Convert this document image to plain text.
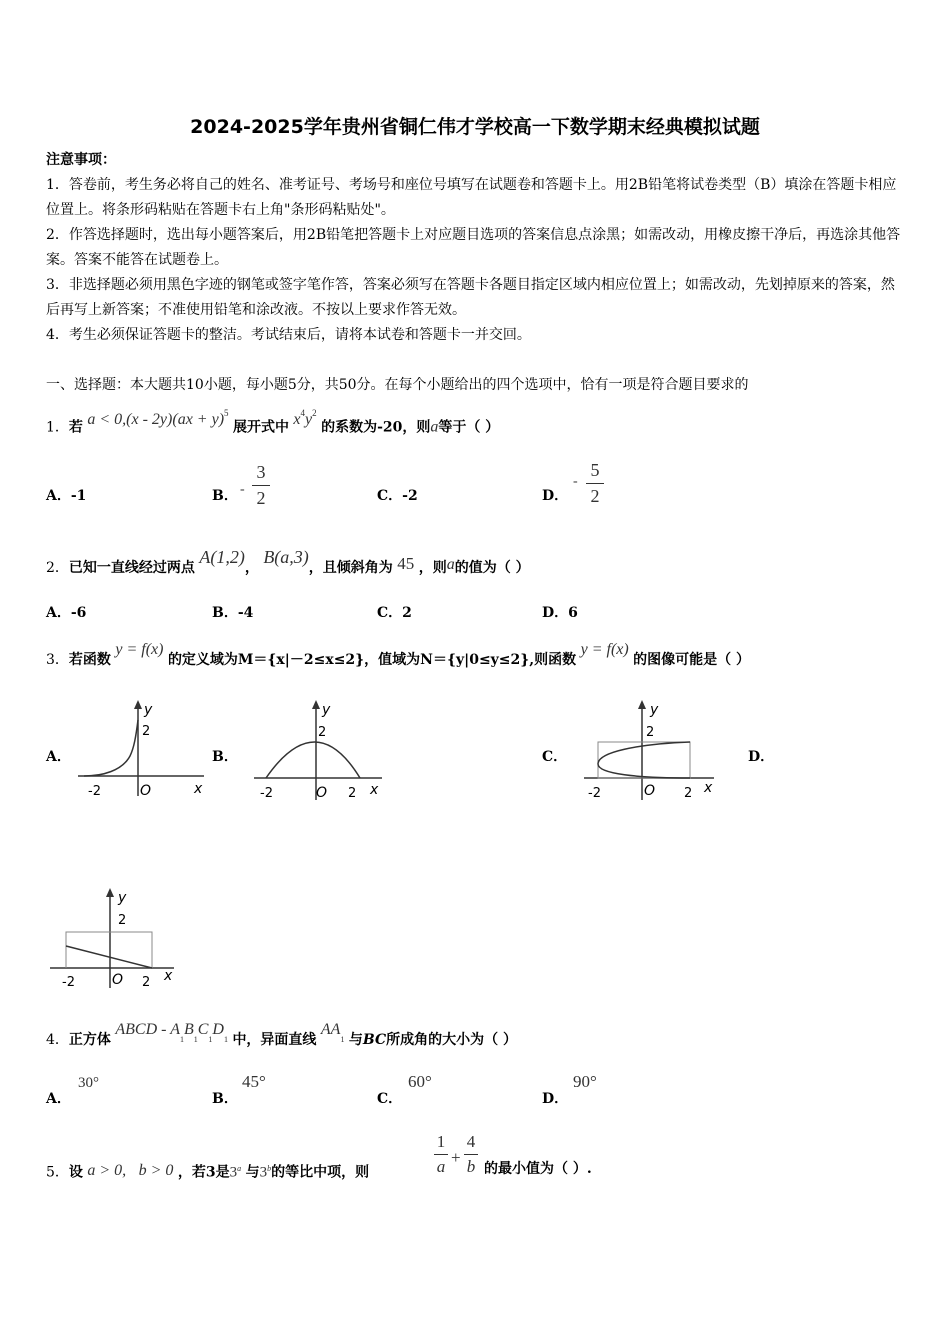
2024-2025学年贵州省铜仁伟才学校高一下数学期末经典模拟试题
注意事项：
1．答卷前，考生务必将自己的姓名、准考证号、考场号和座位号填写在试题卷和答题卡上。用2B铅笔将试卷类型（B）填涂在答题卡相应位置上。将条形码粘贴在答题卡右上角"条形码粘贴处"。
2．作答选择题时，选出每小题答案后，用2B铅笔把答题卡上对应题目选项的答案信息点涂黑；如需改动，用橡皮擦干净后，再选涂其他答案。答案不能答在试题卷上。
3．非选择题必须用黑色字迹的钢笔或签字笔作答，答案必须写在答题卡各题目指定区域内相应位置上；如需改动，先划掉原来的答案，然后再写上新答案；不准使用铅笔和涂改液。不按以上要求作答无效。
4．考生必须保证答题卡的整洁。考试结束后，请将本试卷和答题卡一并交回。
一、选择题：本大题共10小题，每小题5分，共50分。在每个小题给出的四个选项中，恰有一项是符合题目要求的
1．若 a < 0,(x - 2y)(ax + y)$^5$ 展开式中 $x^4y^2$ 的系数为-20，则a等于（ ）
A．-1	B． -
3
2	C．-2	D．
-
5
2
2．已知一直线经过两点 A(1,2)， B(a,3)，且倾斜角为 45 ，则a的值为（ ）
A．-6	B．-4	C．2	D．6
3．若函数 y = f(x) 的定义域为M＝{x|－2≤x≤2}，值域为N＝{y|0≤y≤2},则函数 y = f(x) 的图像可能是（ ）
A．
y
2
-2	O	x
B．
y
2
-2	O 2 x
C．
y
2
-2	O 2 x
D．
y
2
-2	O 2 x
4．正方体 ABCD - $A_1B_1C_1D_1$ 中，异面直线 $AA_1$ 与BC所成角的大小为（ ）
A．
30°
B．
45°
C．
60°
D．
90°
5．设 a > 0, b > 0 ，若3是3$^a$ 与3$^b$的等比中项，则
1
a +
4
b 的最小值为（ ）.
